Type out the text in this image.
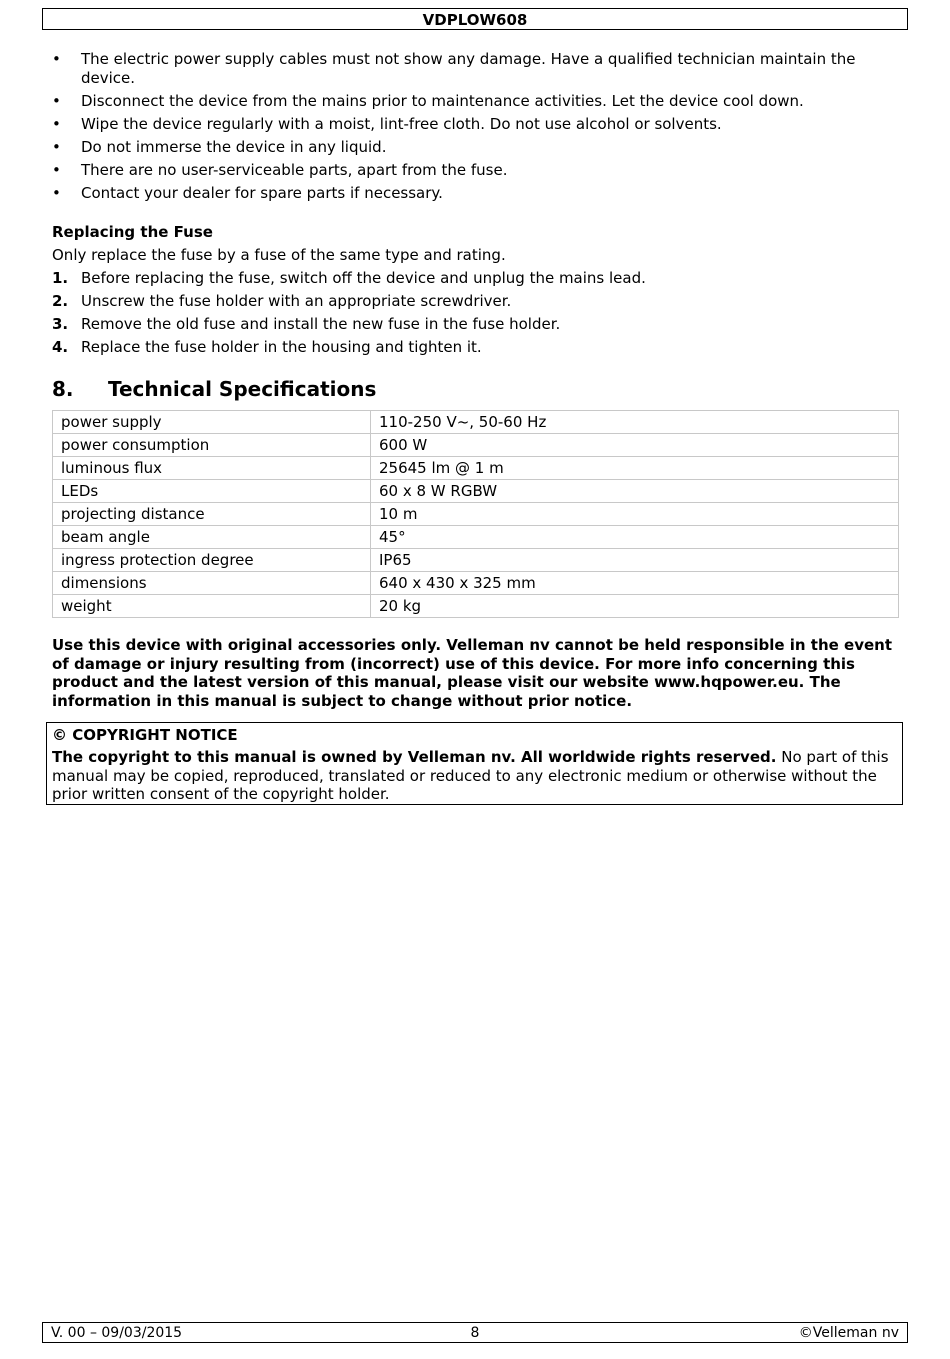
VDPLOW608
• The electric power supply cables must not show any damage. Have a qualified technician maintain the device.
• Disconnect the device from the mains prior to maintenance activities. Let the device cool down.
• Wipe the device regularly with a moist, lint-free cloth. Do not use alcohol or solvents.
• Do not immerse the device in any liquid.
• There are no user-serviceable parts, apart from the fuse.
• Contact your dealer for spare parts if necessary.
Replacing the Fuse
Only replace the fuse by a fuse of the same type and rating.
1. Before replacing the fuse, switch off the device and unplug the mains lead.
2. Unscrew the fuse holder with an appropriate screwdriver.
3. Remove the old fuse and install the new fuse in the fuse holder.
4. Replace the fuse holder in the housing and tighten it.
8. Technical Specifications
power supply	110-250 V~, 50-60 Hz
power consumption	600 W
luminous flux	25645 lm @ 1 m
LEDs	60 x 8 W RGBW
projecting distance	10 m
beam angle	45°
ingress protection degree	IP65
dimensions	640 x 430 x 325 mm
weight	20 kg
Use this device with original accessories only. Velleman nv cannot be held responsible in the event of damage or injury resulting from (incorrect) use of this device. For more info concerning this product and the latest version of this manual, please visit our website www.hqpower.eu. The information in this manual is subject to change without prior notice.
© COPYRIGHT NOTICE
The copyright to this manual is owned by Velleman nv. All worldwide rights reserved. No part of this manual may be copied, reproduced, translated or reduced to any electronic medium or otherwise without the prior written consent of the copyright holder.
V. 00 – 09/03/2015	8	©Velleman nv
